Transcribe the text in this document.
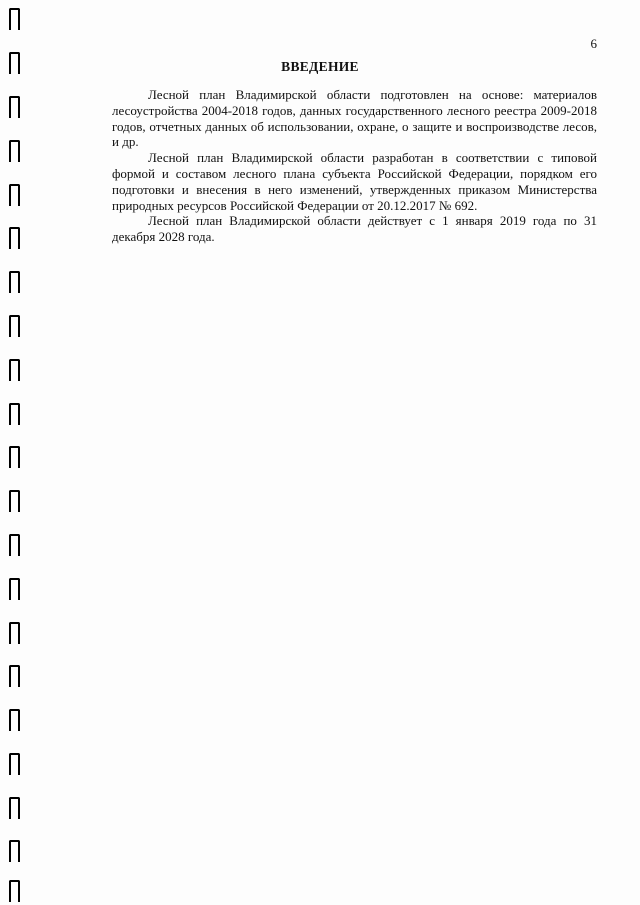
6
ВВЕДЕНИЕ

Лесной план Владимирской области подготовлен на основе: материалов лесоустройства 2004-2018 годов, данных государственного лесного реестра 2009-2018 годов, отчетных данных об использовании, охране, о защите и воспроизводстве лесов, и др.

Лесной план Владимирской области разработан в соответствии с типовой формой и составом лесного плана субъекта Российской Федерации, порядком его подготовки и внесения в него изменений, утвержденных приказом Министерства природных ресурсов Российской Федерации от 20.12.2017 № 692.

Лесной план Владимирской области действует с 1 января 2019 года по 31 декабря 2028 года.
